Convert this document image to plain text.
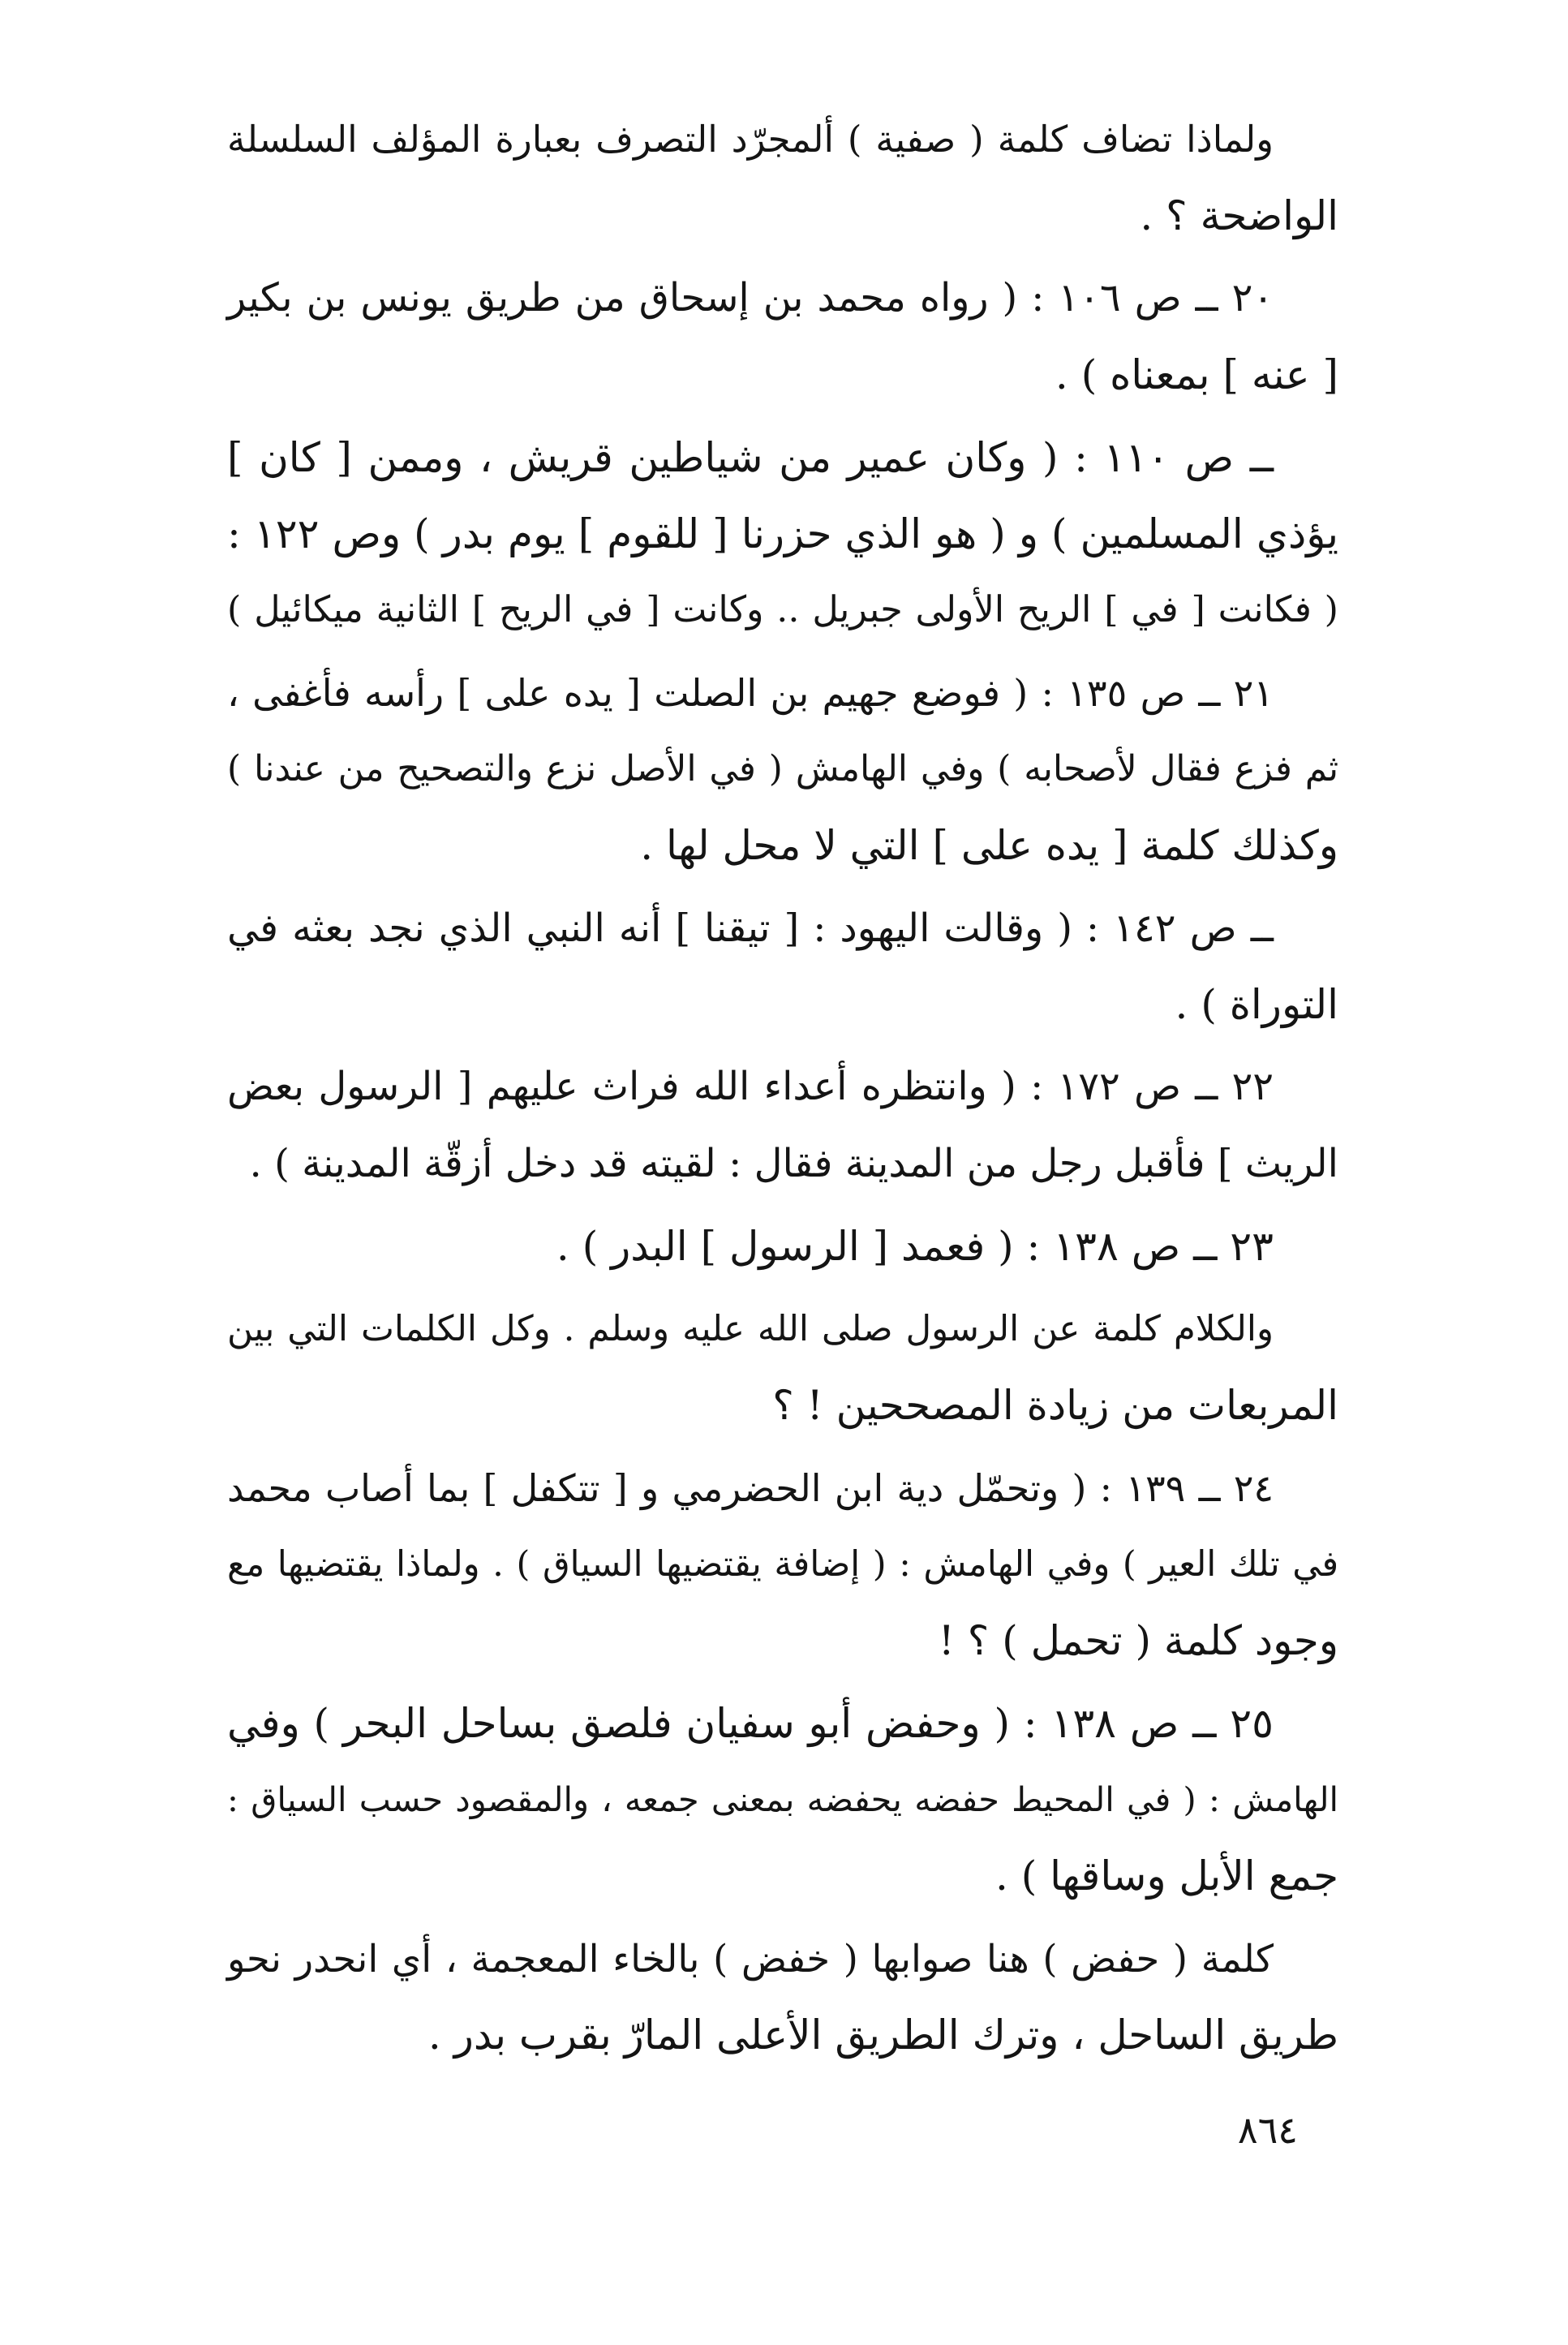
ولماذا تضاف كلمة ( صفية ) ألمجرّد التصرف بعبارة المؤلف السلسلة
الواضحة ؟ .

٢٠ ــ ص ١٠٦ : ( رواه محمد بن إسحاق من طريق يونس بن بكير
[ عنه ] بمعناه ) .

ــ ص ١١٠ : ( وكان عمير من شياطين قريش ، وممن [ كان ]
يؤذي المسلمين ) و ( هو الذي حزرنا [ للقوم ] يوم بدر ) وص ١٢٢ :
( فكانت [ في ] الريح الأولى جبريل .. وكانت [ في الريح ] الثانية ميكائيل )

٢١ ــ ص ١٣٥ : ( فوضع جهيم بن الصلت [ يده على ] رأسه فأغفى ،
ثم فزع فقال لأصحابه ) وفي الهامش ( في الأصل نزع والتصحيح من عندنا )
وكذلك كلمة [ يده على ] التي لا محل لها .

ــ ص ١٤٢ : ( وقالت اليهود : [ تيقنا ] أنه النبي الذي نجد بعثه في
التوراة ) .

٢٢ ــ ص ١٧٢ : ( وانتظره أعداء الله فراث عليهم [ الرسول بعض
الريث ] فأقبل رجل من المدينة فقال : لقيته قد دخل أزقّة المدينة ) .

٢٣ ــ ص ١٣٨ : ( فعمد [ الرسول ] البدر ) .

والكلام كلمة عن الرسول صلى الله عليه وسلم . وكل الكلمات التي بين
المربعات من زيادة المصححين ! ؟

٢٤ ــ ١٣٩ : ( وتحمّل دية ابن الحضرمي و [ تتكفل ] بما أصاب محمد
في تلك العير ) وفي الهامش : ( إضافة يقتضيها السياق ) . ولماذا يقتضيها مع
وجود كلمة ( تحمل ) ؟ !

٢٥ ــ ص ١٣٨ : ( وحفض أبو سفيان فلصق بساحل البحر ) وفي
الهامش : ( في المحيط حفضه يحفضه بمعنى جمعه ، والمقصود حسب السياق :
جمع الأبل وساقها ) .

كلمة ( حفض ) هنا صوابها ( خفض ) بالخاء المعجمة ، أي انحدر نحو
طريق الساحل ، وترك الطريق الأعلى المارّ بقرب بدر .

٨٦٤
